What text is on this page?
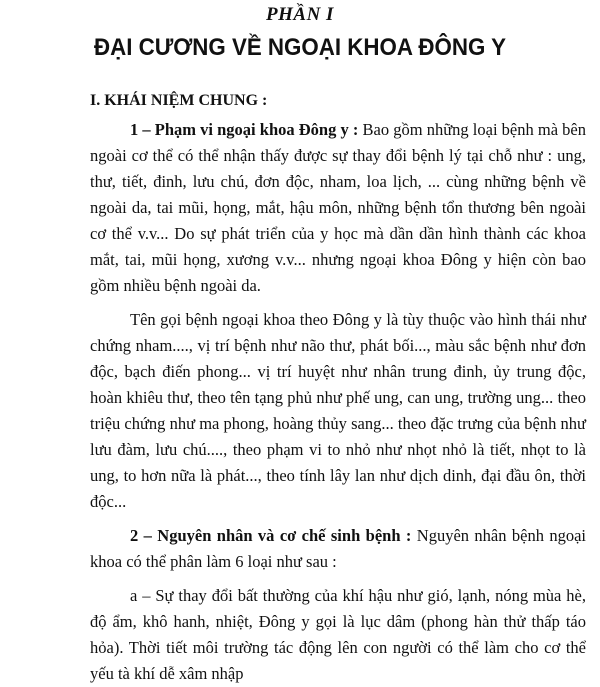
PHẦN I
ĐẠI CƯƠNG VỀ NGOẠI KHOA ĐÔNG Y
I. KHÁI NIỆM CHUNG :

1 – Phạm vi ngoại khoa Đông y : Bao gồm những loại bệnh mà bên ngoài cơ thể có thể nhận thấy được sự thay đổi bệnh lý tại chỗ như : ung, thư, tiết, đinh, lưu chú, đơn độc, nham, loa lịch, ... cùng những bệnh về ngoài da, tai mũi, họng, mắt, hậu môn, những bệnh tổn thương bên ngoài cơ thể v.v... Do sự phát triển của y học mà dần dần hình thành các khoa mắt, tai, mũi họng, xương v.v... nhưng ngoại khoa Đông y hiện còn bao gồm nhiều bệnh ngoài da.

Tên gọi bệnh ngoại khoa theo Đông y là tùy thuộc vào hình thái như chứng nham...., vị trí bệnh như não thư, phát bối..., màu sắc bệnh như đơn độc, bạch điến phong... vị trí huyệt như nhân trung đinh, ủy trung độc, hoàn khiêu thư, theo tên tạng phủ như phế ung, can ung, trường ung... theo triệu chứng như ma phong, hoàng thủy sang... theo đặc trưng của bệnh như lưu đàm, lưu chú...., theo phạm vi to nhỏ như nhọt nhỏ là tiết, nhọt to là ung, to hơn nữa là phát..., theo tính lây lan như dịch dinh, đại đầu ôn, thời độc...

2 – Nguyên nhân và cơ chế sinh bệnh : Nguyên nhân bệnh ngoại khoa có thể phân làm 6 loại như sau :

a – Sự thay đổi bất thường của khí hậu như gió, lạnh, nóng mùa hè, độ ẩm, khô hanh, nhiệt, Đông y gọi là lục dâm (phong hàn thử thấp táo hỏa). Thời tiết môi trường tác động lên con người có thể làm cho cơ thể yếu tà khí dễ xâm nhập
